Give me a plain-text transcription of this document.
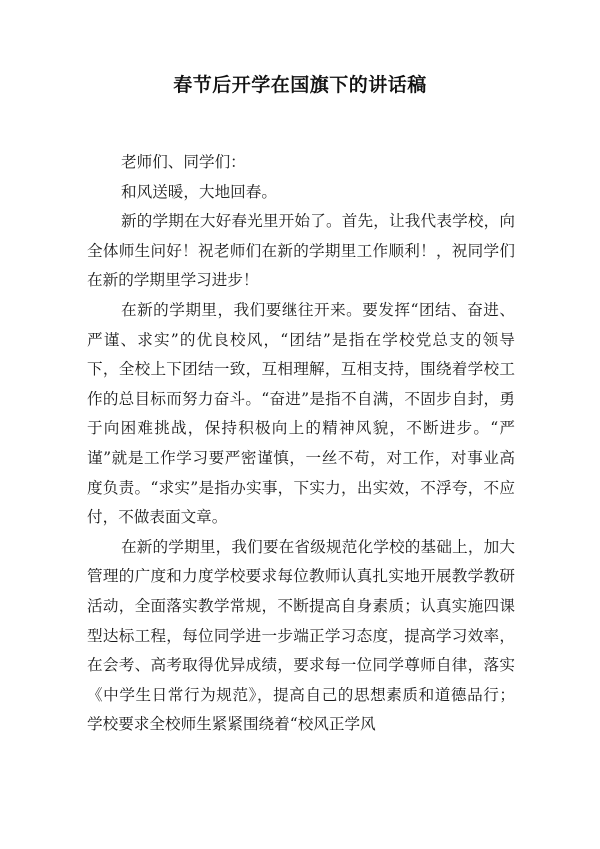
春节后开学在国旗下的讲话稿

老师们、同学们：

和风送暖，大地回春。

新的学期在大好春光里开始了。首先，让我代表学校，向全体师生问好！祝老师们在新的学期里工作顺利！，祝同学们在新的学期里学习进步！

在新的学期里，我们要继往开来。要发挥“团结、奋进、严谨、求实”的优良校风，“团结”是指在学校党总支的领导下，全校上下团结一致，互相理解，互相支持，围绕着学校工作的总目标而努力奋斗。“奋进”是指不自满，不固步自封，勇于向困难挑战，保持积极向上的精神风貌，不断进步。“严谨”就是工作学习要严密谨慎，一丝不苟，对工作，对事业高度负责。“求实”是指办实事，下实力，出实效，不浮夸，不应付，不做表面文章。

在新的学期里，我们要在省级规范化学校的基础上，加大管理的广度和力度学校要求每位教师认真扎实地开展教学教研活动，全面落实教学常规，不断提高自身素质；认真实施四课型达标工程，每位同学进一步端正学习态度，提高学习效率，在会考、高考取得优异成绩，要求每一位同学尊师自律，落实《中学生日常行为规范》，提高自己的思想素质和道德品行；学校要求全校师生紧紧围绕着“校风正学风
